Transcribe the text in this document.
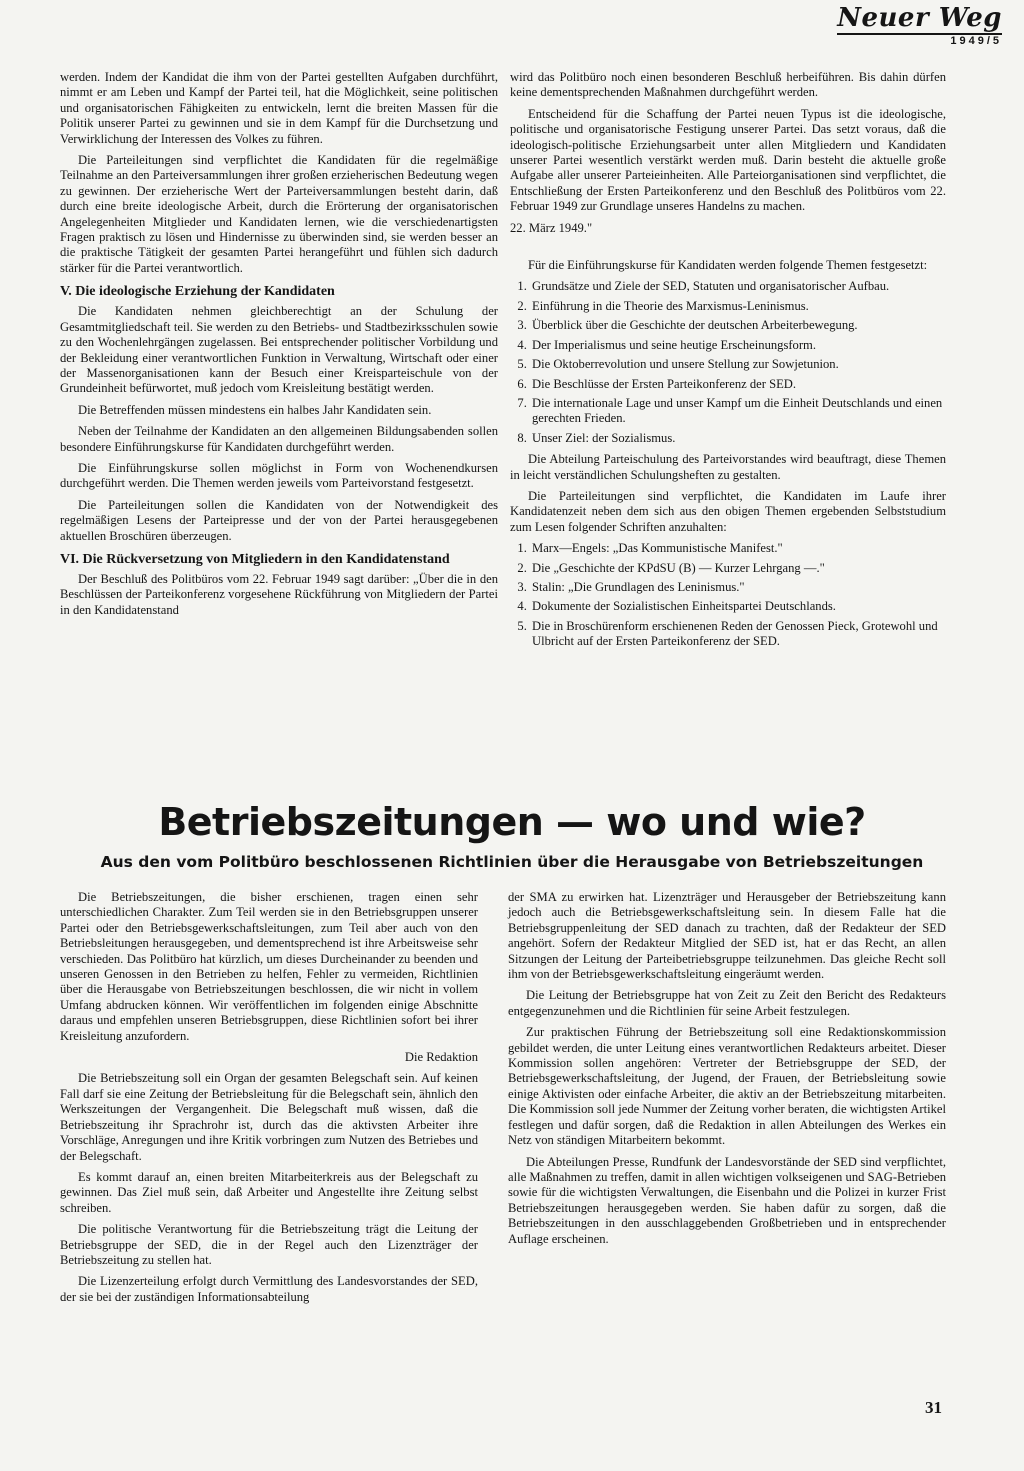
Neuer Weg
1949/5

werden. Indem der Kandidat die ihm von der Partei gestellten Aufgaben durchführt, nimmt er am Leben und Kampf der Partei teil, hat die Möglichkeit, seine politischen und organisatorischen Fähigkeiten zu entwickeln, lernt die breiten Massen für die Politik unserer Partei zu gewinnen und sie in dem Kampf für die Durchsetzung und Verwirklichung der Interessen des Volkes zu führen.

Die Parteileitungen sind verpflichtet die Kandidaten für die regelmäßige Teilnahme an den Parteiversammlungen ihrer großen erzieherischen Bedeutung wegen zu gewinnen. Der erzieherische Wert der Parteiversammlungen besteht darin, daß durch eine breite ideologische Arbeit, durch die Erörterung der organisatorischen Angelegenheiten Mitglieder und Kandidaten lernen, wie die verschiedenartigsten Fragen praktisch zu lösen und Hindernisse zu überwinden sind, sie werden besser an die praktische Tätigkeit der gesamten Partei herangeführt und fühlen sich dadurch stärker für die Partei verantwortlich.

V. Die ideologische Erziehung der Kandidaten

Die Kandidaten nehmen gleichberechtigt an der Schulung der Gesamtmitgliedschaft teil. Sie werden zu den Betriebs- und Stadtbezirksschulen sowie zu den Wochenlehrgängen zugelassen. Bei entsprechender politischer Vorbildung und der Bekleidung einer verantwortlichen Funktion in Verwaltung, Wirtschaft oder einer der Massenorganisationen kann der Besuch einer Kreisparteischule von der Grundeinheit befürwortet, muß jedoch vom Kreisleitung bestätigt werden.

Die Betreffenden müssen mindestens ein halbes Jahr Kandidaten sein.

Neben der Teilnahme der Kandidaten an den allgemeinen Bildungsabenden sollen besondere Einführungskurse für Kandidaten durchgeführt werden.

Die Einführungskurse sollen möglichst in Form von Wochenendkursen durchgeführt werden. Die Themen werden jeweils vom Parteivorstand festgesetzt.

Die Parteileitungen sollen die Kandidaten von der Notwendigkeit des regelmäßigen Lesens der Parteipresse und der von der Partei herausgegebenen aktuellen Broschüren überzeugen.

VI. Die Rückversetzung von Mitgliedern in den Kandidatenstand

Der Beschluß des Politbüros vom 22. Februar 1949 sagt darüber: „Über die in den Beschlüssen der Parteikonferenz vorgesehene Rückführung von Mitgliedern der Partei in den Kandidatenstand

wird das Politbüro noch einen besonderen Beschluß herbeiführen. Bis dahin dürfen keine dementsprechenden Maßnahmen durchgeführt werden.

Entscheidend für die Schaffung der Partei neuen Typus ist die ideologische, politische und organisatorische Festigung unserer Partei. Das setzt voraus, daß die ideologisch-politische Erziehungsarbeit unter allen Mitgliedern und Kandidaten unserer Partei wesentlich verstärkt werden muß. Darin besteht die aktuelle große Aufgabe aller unserer Parteieinheiten. Alle Parteiorganisationen sind verpflichtet, die Entschließung der Ersten Parteikonferenz und den Beschluß des Politbüros vom 22. Februar 1949 zur Grundlage unseres Handelns zu machen.

22. März 1949."

Für die Einführungskurse für Kandidaten werden folgende Themen festgesetzt:

1. Grundsätze und Ziele der SED, Statuten und organisatorischer Aufbau.
2. Einführung in die Theorie des Marxismus-Leninismus.
3. Überblick über die Geschichte der deutschen Arbeiterbewegung.
4. Der Imperialismus und seine heutige Erscheinungsform.
5. Die Oktoberrevolution und unsere Stellung zur Sowjetunion.
6. Die Beschlüsse der Ersten Parteikonferenz der SED.
7. Die internationale Lage und unser Kampf um die Einheit Deutschlands und einen gerechten Frieden.
8. Unser Ziel: der Sozialismus.

Die Abteilung Parteischulung des Parteivorstandes wird beauftragt, diese Themen in leicht verständlichen Schulungsheften zu gestalten.

Die Parteileitungen sind verpflichtet, die Kandidaten im Laufe ihrer Kandidatenzeit neben dem sich aus den obigen Themen ergebenden Selbststudium zum Lesen folgender Schriften anzuhalten:

1. Marx—Engels: „Das Kommunistische Manifest."
2. Die „Geschichte der KPdSU (B) — Kurzer Lehrgang —."
3. Stalin: „Die Grundlagen des Leninismus."
4. Dokumente der Sozialistischen Einheitspartei Deutschlands.
5. Die in Broschürenform erschienenen Reden der Genossen Pieck, Grotewohl und Ulbricht auf der Ersten Parteikonferenz der SED.
Betriebszeitungen — wo und wie?
Aus den vom Politbüro beschlossenen Richtlinien über die Herausgabe von Betriebszeitungen

Die Betriebszeitungen, die bisher erschienen, tragen einen sehr unterschiedlichen Charakter. Zum Teil werden sie in den Betriebsgruppen unserer Partei oder den Betriebsgewerkschaftsleitungen, zum Teil aber auch von den Betriebsleitungen herausgegeben, und dementsprechend ist ihre Arbeitsweise sehr verschieden. Das Politbüro hat kürzlich, um dieses Durcheinander zu beenden und unseren Genossen in den Betrieben zu helfen, Fehler zu vermeiden, Richtlinien über die Herausgabe von Betriebszeitungen beschlossen, die wir nicht in vollem Umfang abdrucken können. Wir veröffentlichen im folgenden einige Abschnitte daraus und empfehlen unseren Betriebsgruppen, diese Richtlinien sofort bei ihrer Kreisleitung anzufordern.

Die Redaktion

Die Betriebszeitung soll ein Organ der gesamten Belegschaft sein. Auf keinen Fall darf sie eine Zeitung der Betriebsleitung für die Belegschaft sein, ähnlich den Werkszeitungen der Vergangenheit. Die Belegschaft muß wissen, daß die Betriebszeitung ihr Sprachrohr ist, durch das die aktivsten Arbeiter ihre Vorschläge, Anregungen und ihre Kritik vorbringen zum Nutzen des Betriebes und der Belegschaft.

Es kommt darauf an, einen breiten Mitarbeiterkreis aus der Belegschaft zu gewinnen. Das Ziel muß sein, daß Arbeiter und Angestellte ihre Zeitung selbst schreiben.

Die politische Verantwortung für die Betriebszeitung trägt die Leitung der Betriebsgruppe der SED, die in der Regel auch den Lizenzträger der Betriebszeitung zu stellen hat.

Die Lizenzerteilung erfolgt durch Vermittlung des Landesvorstandes der SED, der sie bei der zuständigen Informationsabteilung

der SMA zu erwirken hat. Lizenzträger und Herausgeber der Betriebszeitung kann jedoch auch die Betriebsgewerkschaftsleitung sein. In diesem Falle hat die Betriebsgruppenleitung der SED danach zu trachten, daß der Redakteur der SED angehört. Sofern der Redakteur Mitglied der SED ist, hat er das Recht, an allen Sitzungen der Leitung der Parteibetriebsgruppe teilzunehmen. Das gleiche Recht soll ihm von der Betriebsgewerkschaftsleitung eingeräumt werden.

Die Leitung der Betriebsgruppe hat von Zeit zu Zeit den Bericht des Redakteurs entgegenzunehmen und die Richtlinien für seine Arbeit festzulegen.

Zur praktischen Führung der Betriebszeitung soll eine Redaktionskommission gebildet werden, die unter Leitung eines verantwortlichen Redakteurs arbeitet. Dieser Kommission sollen angehören: Vertreter der Betriebsgruppe der SED, der Betriebsgewerkschaftsleitung, der Jugend, der Frauen, der Betriebsleitung sowie einige Aktivisten oder einfache Arbeiter, die aktiv an der Betriebszeitung mitarbeiten. Die Kommission soll jede Nummer der Zeitung vorher beraten, die wichtigsten Artikel festlegen und dafür sorgen, daß die Redaktion in allen Abteilungen des Werkes ein Netz von ständigen Mitarbeitern bekommt.

Die Abteilungen Presse, Rundfunk der Landesvorstände der SED sind verpflichtet, alle Maßnahmen zu treffen, damit in allen wichtigen volkseigenen und SAG-Betrieben sowie für die wichtigsten Verwaltungen, die Eisenbahn und die Polizei in kurzer Frist Betriebszeitungen herausgegeben werden. Sie haben dafür zu sorgen, daß die Betriebszeitungen in den ausschlaggebenden Großbetrieben und in entsprechender Auflage erscheinen.

31
